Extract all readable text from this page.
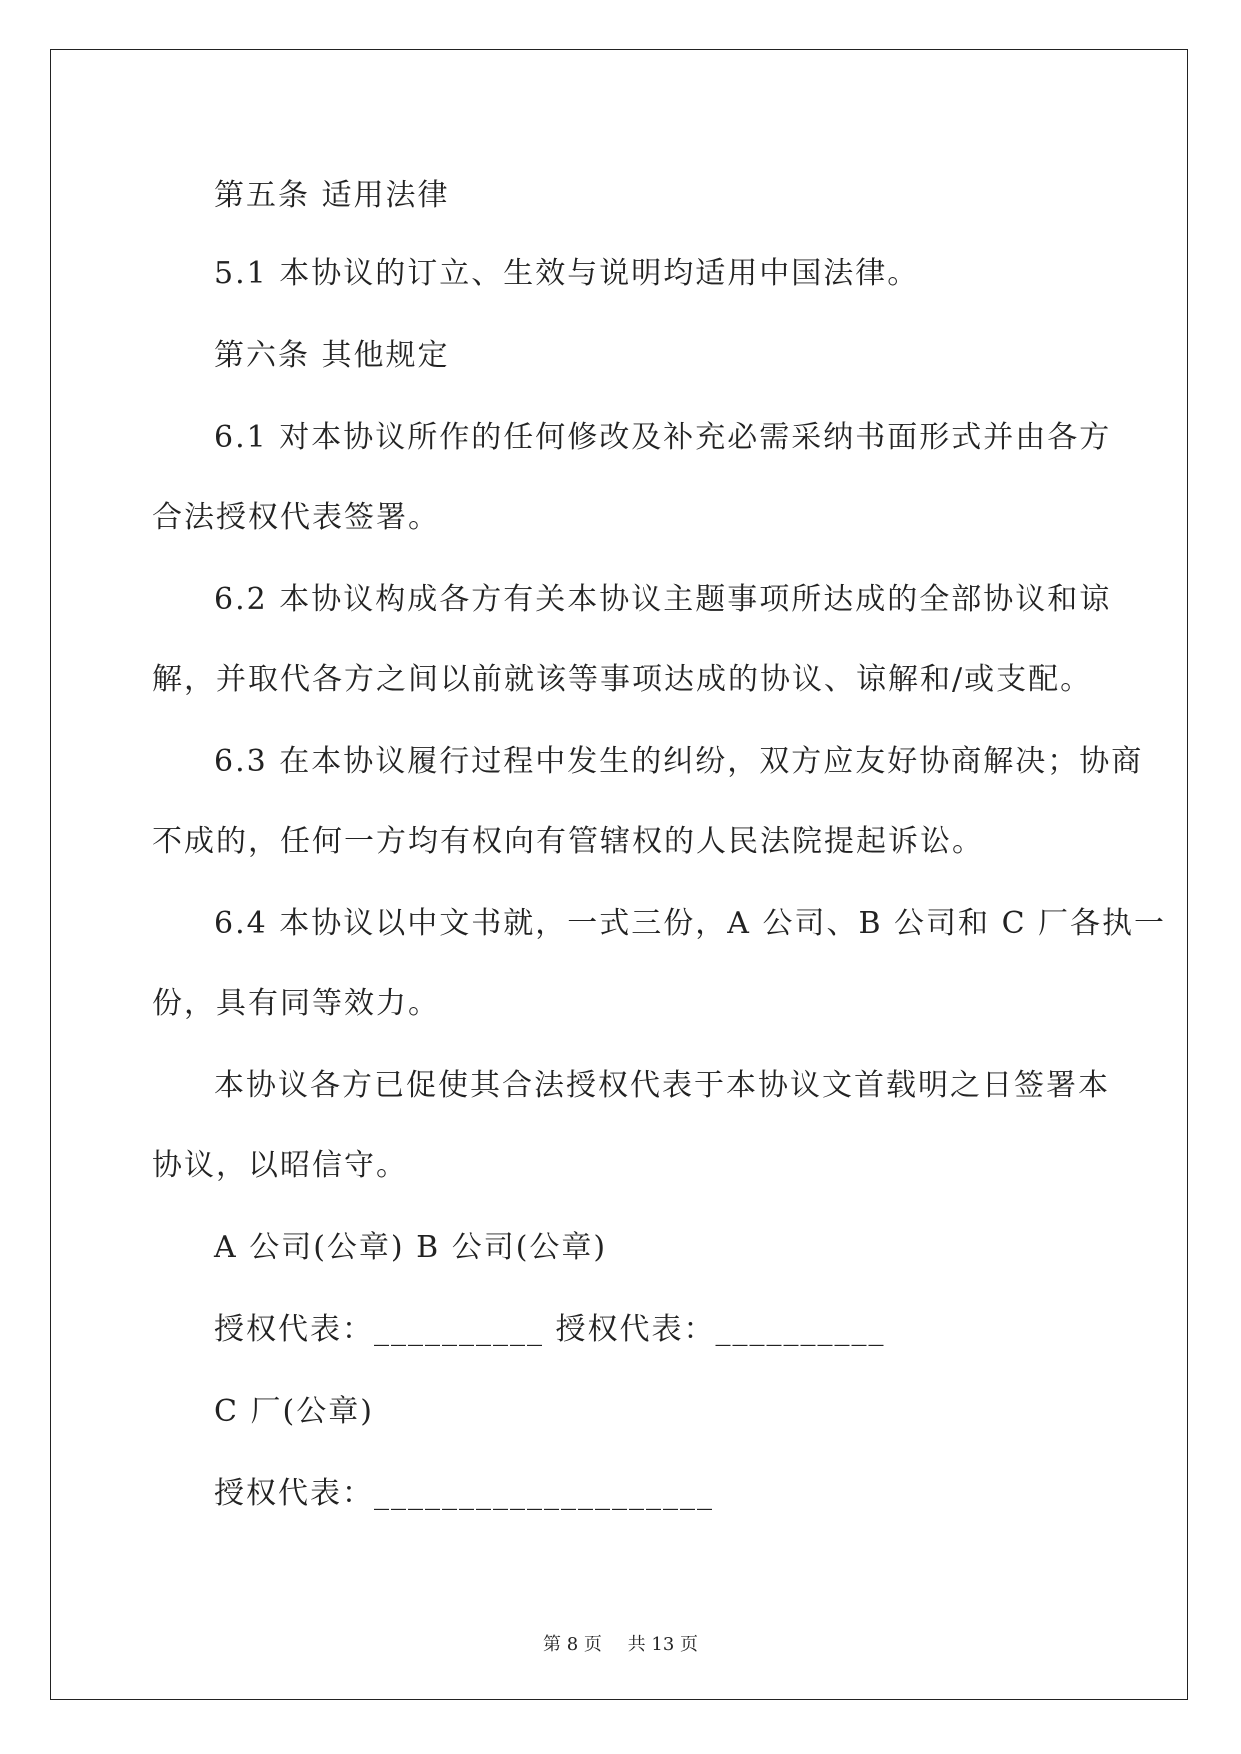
第五条 适用法律
5.1 本协议的订立、生效与说明均适用中国法律。
第六条 其他规定
6.1 对本协议所作的任何修改及补充必需采纳书面形式并由各方
合法授权代表签署。
6.2 本协议构成各方有关本协议主题事项所达成的全部协议和谅
解，并取代各方之间以前就该等事项达成的协议、谅解和/或支配。
6.3 在本协议履行过程中发生的纠纷，双方应友好协商解决；协商
不成的，任何一方均有权向有管辖权的人民法院提起诉讼。
6.4 本协议以中文书就，一式三份，A 公司、B 公司和 C 厂各执一
份，具有同等效力。
本协议各方已促使其合法授权代表于本协议文首载明之日签署本
协议，以昭信守。
A 公司(公章) B 公司(公章)
授权代表：__________ 授权代表：__________
C 厂(公章)
授权代表：____________________
第 8 页 共 13 页
